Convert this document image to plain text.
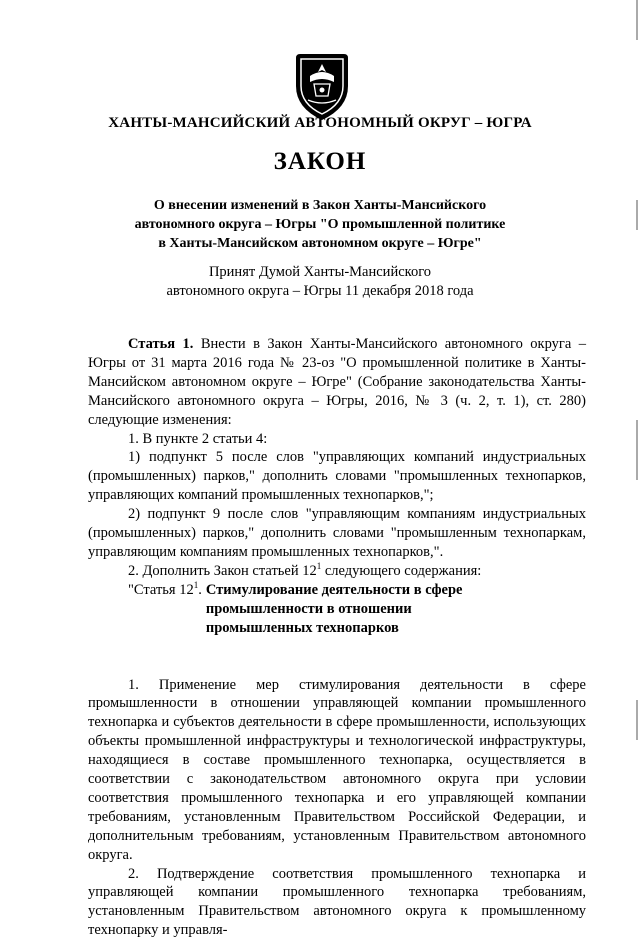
ХАНТЫ-МАНСИЙСКИЙ АВТОНОМНЫЙ ОКРУГ – ЮГРА
ЗАКОН
О внесении изменений в Закон Ханты-Мансийского
автономного округа – Югры "О промышленной политике
в Ханты-Мансийском автономном округе – Югре"
Принят Думой Ханты-Мансийского
автономного округа – Югры 11 декабря 2018 года

Статья 1. Внести в Закон Ханты-Мансийского автономного округа – Югры от 31 марта 2016 года № 23-оз "О промышленной политике в Ханты-Мансийском автономном округе – Югре" (Собрание законодательства Ханты-Мансийского автономного округа – Югры, 2016, № 3 (ч. 2, т. 1), ст. 280) следующие изменения:

1. В пункте 2 статьи 4:

1) подпункт 5 после слов "управляющих компаний индустриальных (промышленных) парков," дополнить словами "промышленных технопарков, управляющих компаний промышленных технопарков,";

2) подпункт 9 после слов "управляющим компаниям индустриальных (промышленных) парков," дополнить словами "промышленным технопаркам, управляющим компаниям промышленных технопарков,".

2. Дополнить Закон статьей $12^1$ следующего содержания:

"Статья $12^1$. Стимулирование деятельности в сфере промышленности в отношении промышленных технопарков

1. Применение мер стимулирования деятельности в сфере промышленности в отношении управляющей компании промышленного технопарка и субъектов деятельности в сфере промышленности, использующих объекты промышленной инфраструктуры и технологической инфраструктуры, находящиеся в составе промышленного технопарка, осуществляется в соответствии с законодательством автономного округа при условии соответствия промышленного технопарка и его управляющей компании требованиям, установленным Правительством Российской Федерации, и дополнительным требованиям, установленным Правительством автономного округа.

2. Подтверждение соответствия промышленного технопарка и управляющей компании промышленного технопарка требованиям, установленным Правительством автономного округа к промышленному технопарку и управля-
